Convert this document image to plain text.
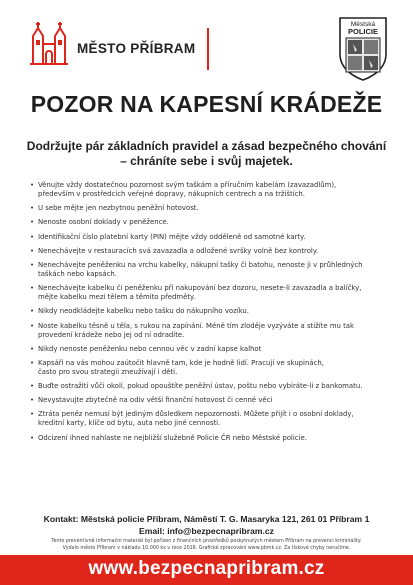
MĚSTO PŘÍBRAM
Městská
POLICIE
POZOR NA KAPESNÍ KRÁDEŽE
Dodržujte pár základních pravidel a zásad bezpečného chování
– chráníte sebe i svůj majetek.
• Věnujte vždy dostatečnou pozornost svým taškám a příručním kabelám (zavazadlům),
především v prostředcích veřejné dopravy, nákupních centrech a na tržištích.
• U sebe mějte jen nezbytnou peněžní hotovost.
• Nenoste osobní doklady v peněžence.
• Identifikační číslo platební karty (PIN) mějte vždy odděleně od samotné karty.
• Nenechávejte v restauracích svá zavazadla a odložené svršky volně bez kontroly.
• Nenechávejte peněženku na vrchu kabelky, nákupní tašky či batohu, nenoste ji v průhledných
taškách nebo kapsách.
• Nenechávejte kabelku či peněženku při nakupování bez dozoru, nesete-li zavazadla a balíčky,
mějte kabelku mezi tělem a těmito předměty.
• Nikdy neodkládejte kabelku nebo tašku do nákupního vozíku.
• Noste kabelku těsně u těla, s rukou na zapínání. Méně tím zloděje vyzýváte a stižíte mu tak
provedení krádeže nebo jej od ní odradíte.
• Nikdy nenoste peněženku nebo cennou věc v zadní kapse kalhot
• Kapsáři na vás mohou zaútočit hlavně tam, kde je hodně lidí. Pracují ve skupinách,
často pro svou strategii zneužívají i děti.
• Buďte ostražití vůči okolí, pokud opouštíte peněžní ústav, poštu nebo vybíráte-li z bankomatu.
• Nevystavujte zbytečně na odiv větší finanční hotovost či cenné věci
• Ztráta peněz nemusí být jediným důsledkem nepozornosti. Můžete přijít i o osobní doklady,
kreditní karty, klíče od bytu, auta nebo jiné cennosti.
• Odcizení ihned nahlaste ne nejbližší služebně Policie ČR nebo Městské policie.
Kontakt: Městská policie Příbram, Náměstí T. G. Masaryka 121, 261 01 Příbram 1
Email: info@bezpecnapribram.cz
Tento preventivně informační materiál byl pořízen z finančních prostředků poskytnutých městem Příbram na prevenci kriminality.
Vydalo město Příbram v nákladu 10.000 ks v roce 2016. Grafické zpracování www.pbmk.cz. Za tiskové chyby neručíme.
www.bezpecnapribram.cz
